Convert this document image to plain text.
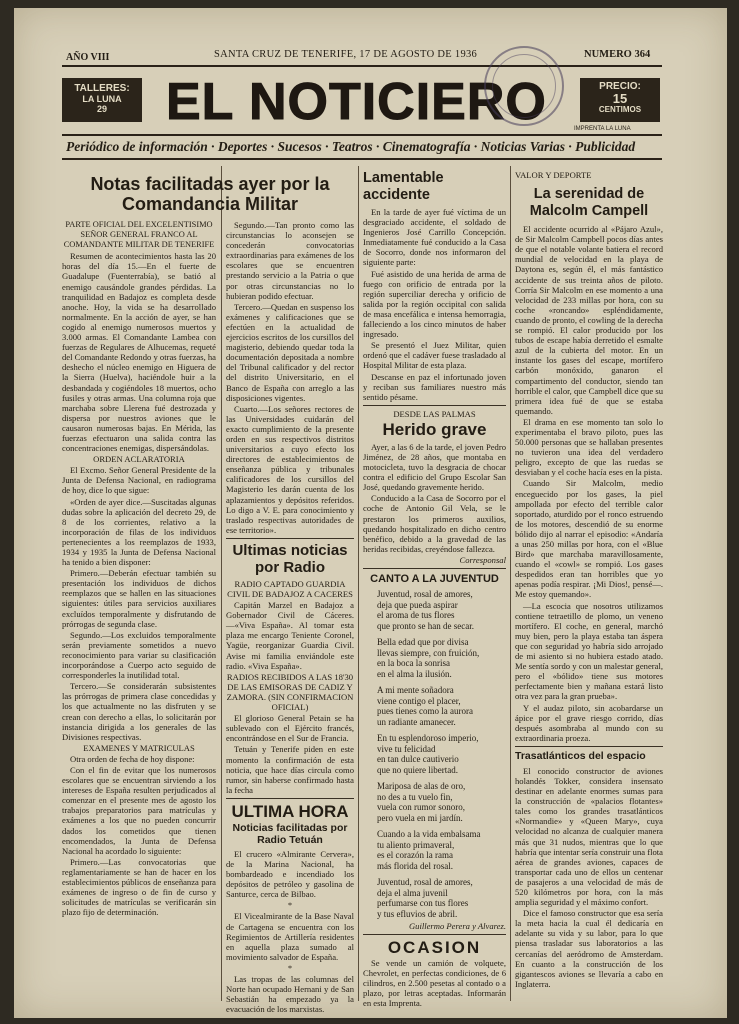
AÑO VIII	SANTA CRUZ DE TENERIFE, 17 DE AGOSTO DE 1936	NUMERO 364
TALLERES:
LA LUNA
29	EL NOTICIERO	PRECIO:
15
CENTIMOS
IMPRENTA LA LUNA
Periódico de información · Deportes · Sucesos · Teatros · Cinematografía · Noticias Varias · Publicidad
Notas facilitadas ayer por la Comandancia Militar
PARTE OFICIAL DEL EXCELENTISIMO SEÑOR GENERAL FRANCO AL COMANDANTE MILITAR DE TENERIFE
Resumen de acontecimientos hasta las 20 horas del día 15.—En el fuerte de Guadalupe (Fuenterrabía), se batió al enemigo causándole grandes pérdidas. La tranquilidad en Badajoz es completa desde anoche. Hoy, la vida se ha desarrollado normalmente. En la acción de ayer, se han cogido al enemigo numerosos muertos y 3.000 armas. El Comandante Lambea con fuerzas de Regulares de Alhucemas, requeté del Comandante Redondo y otras fuerzas, ha deshecho el núcleo enemigo en Higuera de la Sierra (Huelva), haciéndole huir a la desbandada y cogiéndoles 18 muertos, ocho fusiles y otras armas. Una columna roja que marchaba sobre Llerena fué destrozada y dispersa por nuestros aviones que le causaron numerosas bajas. En Mérida, las fuerzas efectuaron una salida contra las concentraciones enemigas, dispersándolas.
ORDEN ACLARATORIA
El Excmo. Señor General Presidente de la Junta de Defensa Nacional, en radiograma de hoy, dice lo que sigue:
«Orden de ayer dice.—Suscitadas algunas dudas sobre la aplicación del decreto 29, de 8 de los corrientes, relativo a la incorporación de filas de los individuos pertenecientes a los reemplazos de 1933, 1934 y 1935 la Junta de Defensa Nacional ha tenido a bien disponer:
Primero.—Deberán efectuar también su presentación los individuos de dichos reemplazos que se hallen en las situaciones siguientes: útiles para servicios auxiliares excluídos temporalmente y disfrutando de prórrogas de segunda clase.
Segundo.—Los excluidos temporalmente serán previamente sometidos a nuevo reconocimiento para variar su clasificación incorporándose a Cuerpo acto seguido de corresponderles la inutilidad total.
Tercero.—Se considerarán subsistentes las prórrogas de primera clase concedidas y los que actualmente no las disfruten y se crean con derecho a ellas, lo solicitarán por instancia dirigida a los generales de las Divisiones respectivas.
EXAMENES Y MATRICULAS
Otra orden de fecha de hoy dispone:
Con el fin de evitar que los numerosos escolares que se encuentran sirviendo a los intereses de España resulten perjudicados al comenzar en el presente mes de agosto los trabajos preparatorios para matrículas y exámenes a los que no pueden concurrir dados los cometidos que tienen encomendados, la Junta de Defensa Nacional ha acordado lo siguiente:
Primero.—Las convocatorias que reglamentariamente se han de hacer en los establecimientos públicos de enseñanza para exámenes de ingreso o de fin de curso y solicitudes de matrículas se verificarán sin plazo fijo de determinación.
Segundo.—Tan pronto como las circunstancias lo aconsejen se concederán convocatorias extraordinarias para exámenes de los escolares que se encuentren prestando servicio a la Patria o que por otras circunstancias no lo hubieran podido efectuar.
Tercero.—Quedan en suspenso los exámenes y calificaciones que se efectúen en la actualidad de ejercicios escritos de los cursillos del magisterio, debiendo quedar toda la documentación depositada a nombre del Tribunal calificador y del rector del distrito Universitario, en el Banco de España con arreglo a las disposiciones vigentes.
Cuarto.—Los señores rectores de las Universidades cuidarán del exacto cumplimiento de la presente orden en sus respectivos distritos universitarios a cuyo efecto los directores de establecimientos de enseñanza pública y tribunales calificadores de los cursillos del Magisterio les darán cuenta de los aplazamientos y depósitos referidos. Lo digo a V. E. para conocimiento y traslado respectivas autoridades de ese territorio».
Ultimas noticias por Radio
RADIO CAPTADO GUARDIA CIVIL DE BADAJOZ A CACERES
Capitán Marzel en Badajoz a Gobernador Civil de Cáceres.—«Viva España». Al tomar esta plaza me encargo Teniente Coronel, Yagüe, reorganizar Guardia Civil. Avise mi familia enviándole este radio. «Viva España».
RADIOS RECIBIDOS A LAS 18'30 DE LAS EMISORAS DE CADIZ Y ZAMORA. (SIN CONFIRMACION OFICIAL)
El glorioso General Petain se ha sublevado con el Ejército francés, encontrándose en el Sur de Francia.
Tetuán y Tenerife piden en este momento la confirmación de esta noticia, que hace días circula como rumor, sin haberse confirmado hasta la fecha
ULTIMA HORA
Noticias facilitadas por Radio Tetuán
El crucero «Almirante Cervera», de la Marina Nacional, ha bombardeado e incendiado los depósitos de petróleo y gasolina de Santurce, cerca de Bilbao.
*
El Vicealmirante de la Base Naval de Cartagena se encuentra con los Regimientos de Artillería residentes en aquella plaza sumado al movimiento salvador de España.
*
Las tropas de las columnas del Norte han ocupado Hernani y de San Sebastián ha empezado ya la evacuación de los marxistas.
Lamentable accidente
En la tarde de ayer fué víctima de un desgraciado accidente, el soldado de Ingenieros José Carrillo Concepción. Inmediatamente fué conducido a la Casa de Socorro, donde nos informaron del siguiente parte:
Fué asistido de una herida de arma de fuego con orificio de entrada por la región superciliar derecha y orificio de salida por la región occipital con salida de masa encefálica e intensa hemorragia, falleciendo a los cinco minutos de haber ingresado.
Se presentó el Juez Militar, quien ordenó que el cadáver fuese trasladado al Hospital Militar de esta plaza.
Descanse en paz el infortunado joven y reciban sus familiares nuestro más sentido pésame.
DESDE LAS PALMAS
Herido grave
Ayer, a las 6 de la tarde, el joven Pedro Jiménez, de 28 años, que montaba en motocicleta, tuvo la desgracia de chocar contra el edificio del Grupo Escolar San José, quedando gravemente herido.
Conducido a la Casa de Socorro por el coche de Antonio Gil Vela, se le prestaron los primeros auxilios, quedando hospitalizado en dicho centro benéfico, debido a la gravedad de las heridas recibidas, creyéndose fallezca.
Corresponsal
CANTO A LA JUVENTUD
Juventud, rosal de amores,
deja que pueda aspirar
el aroma de tus flores
que pronto se han de secar.
Bella edad que por divisa
llevas siempre, con fruición,
en la boca la sonrisa
en el alma la ilusión.
A mi mente soñadora
viene contigo el placer,
pues tienes como la aurora
un radiante amanecer.
En tu esplendoroso imperio,
vive tu felicidad
en tan dulce cautiverio
que no quiere libertad.
Mariposa de alas de oro,
no des a tu vuelo fin,
vuela con rumor sonoro,
pero vuela en mi jardín.
Cuando a la vida embalsama
tu aliento primaveral,
es el corazón la rama
más florida del rosal.
Juventud, rosal de amores,
deja el alma juvenil
perfumarse con tus flores
y tus efluvios de abril.
Guillermo Perera y Alvarez.
OCASION
Se vende un camión de volquete, Chevrolet, en perfectas condiciones, de 6 cilindros, en 2.500 pesetas al contado o a plazo, por letras aceptadas. Informarán en esta Imprenta.
VALOR Y DEPORTE
La serenidad de Malcolm Campell
El accidente ocurrido al «Pájaro Azul», de Sir Malcolm Campbell pocos días antes de que el notable volante batiera el record mundial de velocidad en la playa de Daytona es, según él, el más fantástico accidente de sus treinta años de piloto. Corría Sir Malcolm en ese momento a una velocidad de 233 millas por hora, con su coche «roncando» espléndidamente, cuando de pronto, el cowling de la derecha se rompió. El calor producido por los tubos de escape había derretido el esmalte azul de la cubierta del motor. En un instante los gases del escape, mortífero carbón monóxido, ganaron el compartimento del conductor, siendo tan horrible el calor, que Campbell dice que su primera idea fué de que se estaba quemando.
El drama en ese momento tan solo lo experimentaba el bravo piloto, pues las 50.000 personas que se hallaban presentes no tuvieron una idea del verdadero peligro, excepto de que las ruedas se desviaban y el coche hacía eses en la pista.
Cuando Sir Malcolm, medio enceguecido por los gases, la piel ampollada por efecto del terrible calor soportado, aturdido por el ronco estruendo de los motores, descendió de su enorme bólido dijo al narrar el episodio: «Andaría a unas 250 millas por hora, con el «Blue Bird» que marchaba maravillosamente, cuando el «cowl» se rompió. Los gases despedidos eran tan horribles que yo apenas podía respirar. ¡Mi Dios!, pensé—. Me estoy quemando».
—La escocia que nosotros utilizamos contiene tetraetillo de plomo, un veneno mortífero. El coche, en general, marchó muy bien, pero la playa estaba tan áspera que con seguridad yo habría sido arrojado de mi asiento si no hubiera estado atado. Me sentía sordo y con un malestar general, pero el «bólido» tiene sus motores perfectamente bien y mañana estará listo otra vez para la gran prueba».
Y el audaz piloto, sin acobardarse un ápice por el grave riesgo corrido, días después asombraba al mundo con su extraordinaria proeza.
Trasatlánticos del espacio
El conocido constructor de aviones holandés Tokker, considera insensato destinar en adelante enormes sumas para la construcción de «palacios flotantes» tales como los grandes trasatlánticos «Normandie» y «Queen Mary», cuya velocidad no alcanza de cualquier manera más que 31 nudos, mientras que lo que habría que intentar sería construir una flota aérea de grandes aviones, capaces de transportar cada uno de ellos un centenar de pasajeros a una velocidad de más de 520 kilómetros por hora, con la más amplia seguridad y el máximo confort.
Dice el famoso constructor que esa sería la meta hacia la cual él dedicaría en adelante su vida y su labor, para lo que piensa trasladar sus laboratorios a las cercanías del aeródromo de Amsterdam. En cuanto a la construcción de los gigantescos aviones se llevaría a cabo en Inglaterra.
